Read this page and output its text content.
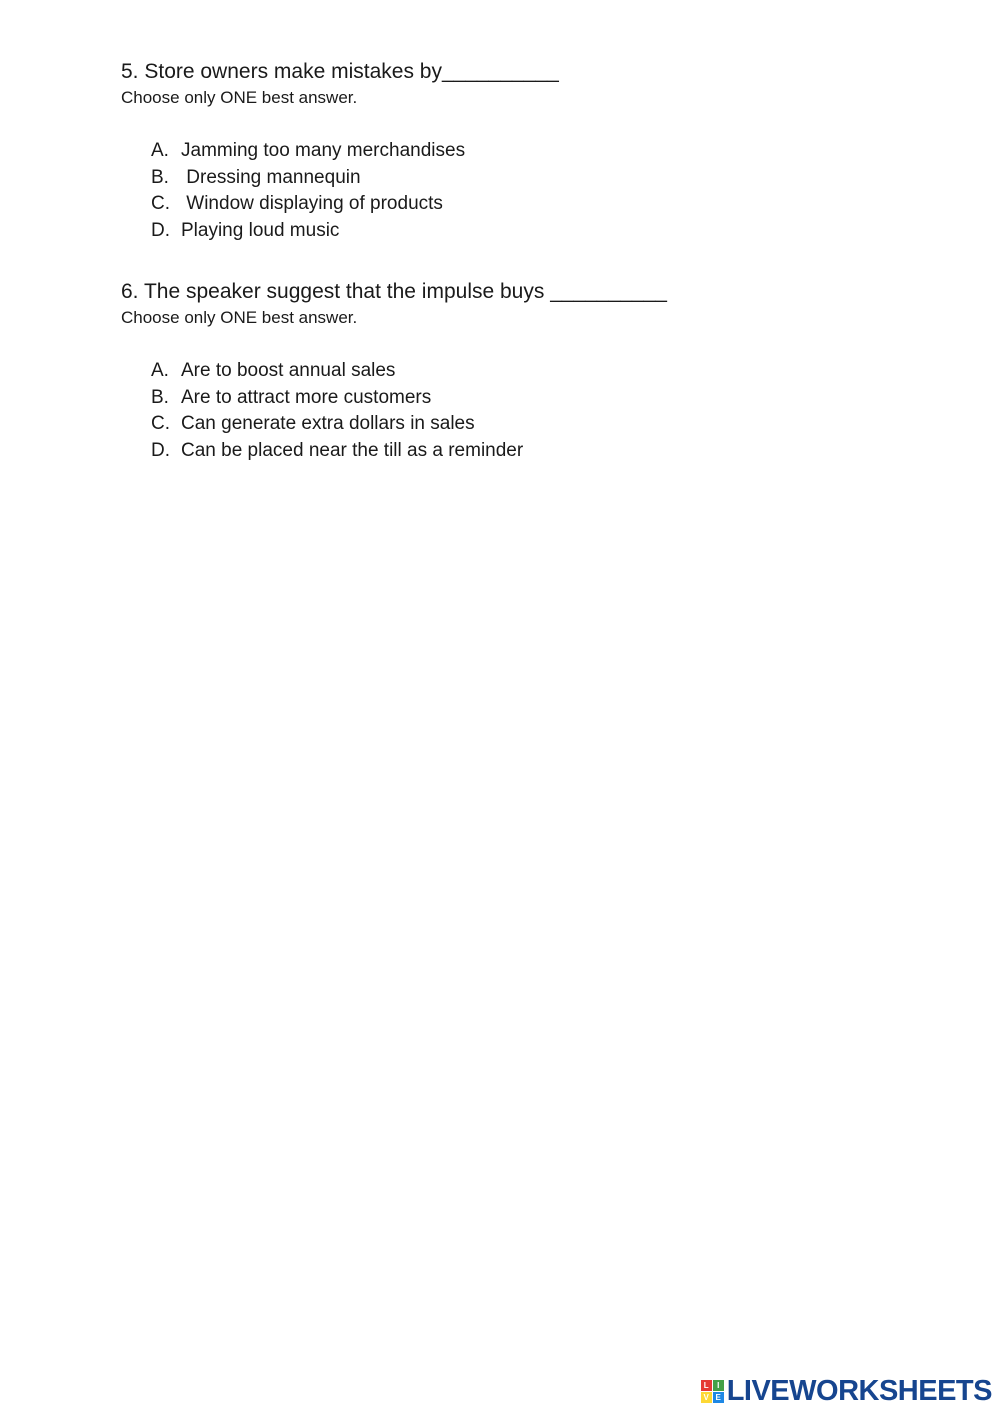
5. Store owners make mistakes by__________
Choose only ONE best answer.
A. Jamming too many merchandises
B. Dressing mannequin
C. Window displaying of products
D. Playing loud music
6. The speaker suggest that the impulse buys __________
Choose only ONE best answer.
A. Are to boost annual sales
B. Are to attract more customers
C. Can generate extra dollars in sales
D. Can be placed near the till as a reminder
L	I
V E LIVEWORKSHEETS
